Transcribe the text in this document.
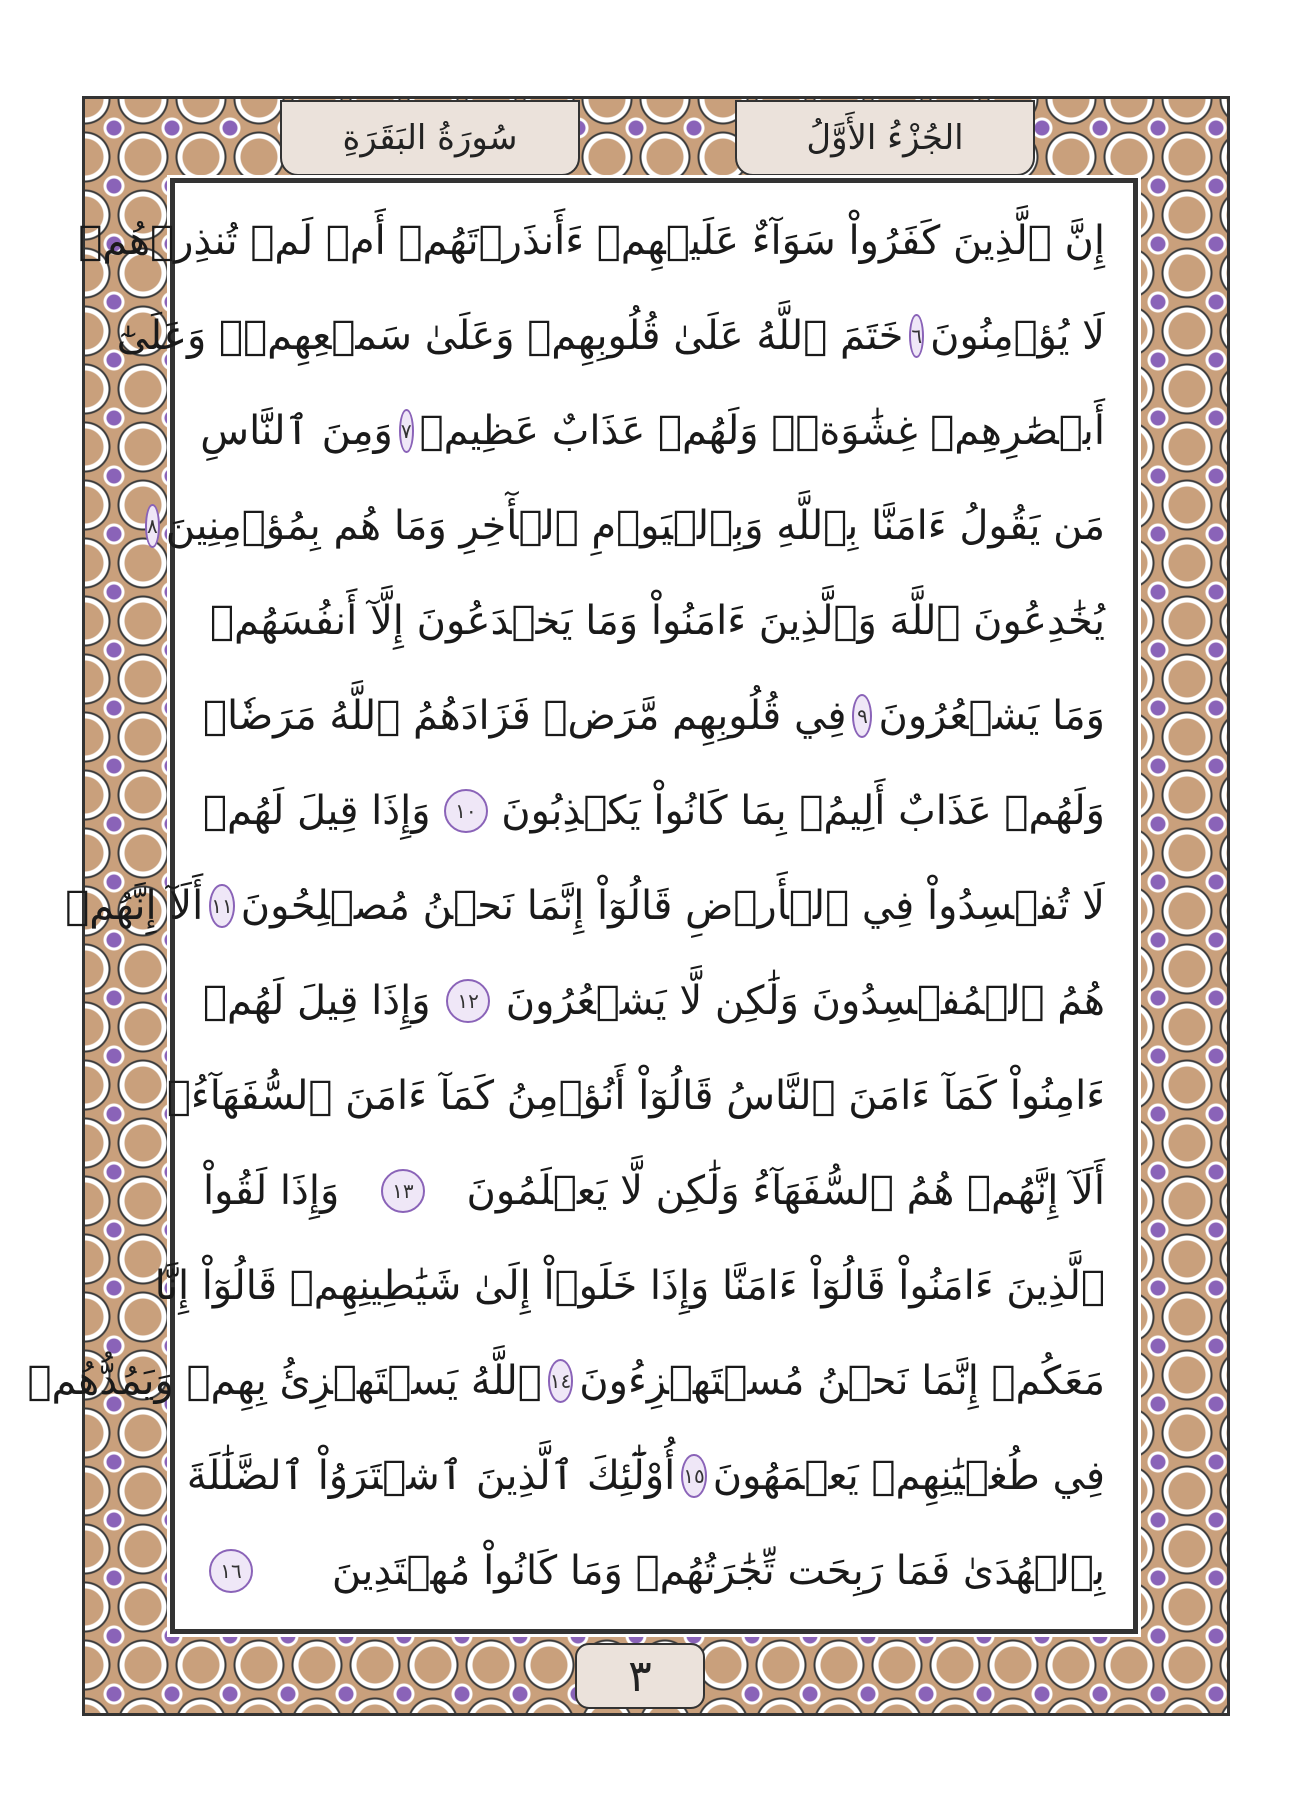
سُورَةُ البَقَرَةِ	الجُزْءُ الأَوَّلُ
إِنَّ ٱلَّذِينَ كَفَرُواْ سَوَآءٌ عَلَيۡهِمۡ ءَأَنذَرۡتَهُمۡ أَمۡ لَمۡ تُنذِرۡهُمۡ
لَا يُؤۡمِنُونَ
٦
خَتَمَ ٱللَّهُ عَلَىٰ قُلُوبِهِمۡ وَعَلَىٰ سَمۡعِهِمۡۖ وَعَلَىٰٓ
أَبۡصَٰرِهِمۡ غِشَٰوَةٞۖ وَلَهُمۡ عَذَابٌ عَظِيمٞ
٧
وَمِنَ ٱلنَّاسِ
مَن يَقُولُ ءَامَنَّا بِٱللَّهِ وَبِٱلۡيَوۡمِ ٱلۡأٓخِرِ وَمَا هُم بِمُؤۡمِنِينَ
٨
يُخَٰدِعُونَ ٱللَّهَ وَٱلَّذِينَ ءَامَنُواْ وَمَا يَخۡدَعُونَ إِلَّآ أَنفُسَهُمۡ
وَمَا يَشۡعُرُونَ
٩
فِي قُلُوبِهِم مَّرَضٞ فَزَادَهُمُ ٱللَّهُ مَرَضٗاۖ
وَلَهُمۡ عَذَابٌ أَلِيمُۢ بِمَا كَانُواْ يَكۡذِبُونَ
١٠
وَإِذَا قِيلَ لَهُمۡ
لَا تُفۡسِدُواْ فِي ٱلۡأَرۡضِ قَالُوٓاْ إِنَّمَا نَحۡنُ مُصۡلِحُونَ
١١
أَلَآ إِنَّهُمۡ
هُمُ ٱلۡمُفۡسِدُونَ وَلَٰكِن لَّا يَشۡعُرُونَ
١٢
وَإِذَا قِيلَ لَهُمۡ
ءَامِنُواْ كَمَآ ءَامَنَ ٱلنَّاسُ قَالُوٓاْ أَنُؤۡمِنُ كَمَآ ءَامَنَ ٱلسُّفَهَآءُۗ
أَلَآ إِنَّهُمۡ هُمُ ٱلسُّفَهَآءُ وَلَٰكِن لَّا يَعۡلَمُونَ
١٣
وَإِذَا لَقُواْ
ٱلَّذِينَ ءَامَنُواْ قَالُوٓاْ ءَامَنَّا وَإِذَا خَلَوۡاْ إِلَىٰ شَيَٰطِينِهِمۡ قَالُوٓاْ إِنَّا
مَعَكُمۡ إِنَّمَا نَحۡنُ مُسۡتَهۡزِءُونَ
١٤
ٱللَّهُ يَسۡتَهۡزِئُ بِهِمۡ وَيَمُدُّهُمۡ
فِي طُغۡيَٰنِهِمۡ يَعۡمَهُونَ
١٥
أُوْلَٰٓئِكَ ٱلَّذِينَ ٱشۡتَرَوُاْ ٱلضَّلَٰلَةَ
بِٱلۡهُدَىٰ فَمَا رَبِحَت تِّجَٰرَتُهُمۡ وَمَا كَانُواْ مُهۡتَدِينَ
١٦
٣
